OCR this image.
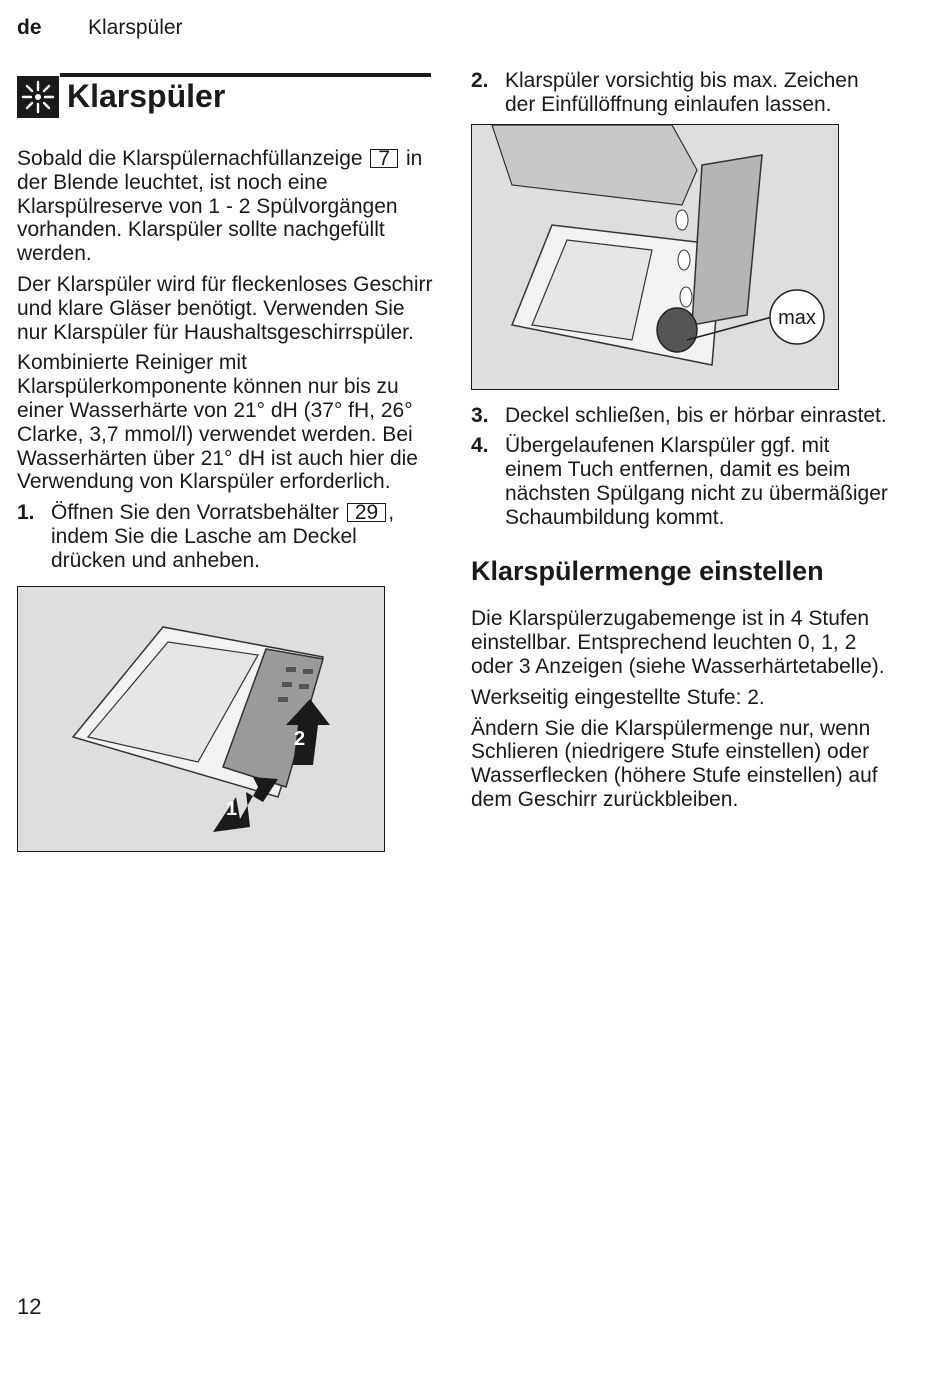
de Klarspüler
Klarspüler

Sobald die Klarspülernachfüllanzeige 7 in der Blende leuchtet, ist noch eine Klarspülreserve von 1 - 2 Spülvorgängen vorhanden. Klarspüler sollte nachgefüllt werden.

Der Klarspüler wird für fleckenloses Geschirr und klare Gläser benötigt. Verwenden Sie nur Klarspüler für Haushaltsgeschirrspüler.

Kombinierte Reiniger mit Klarspülerkomponente können nur bis zu einer Wasserhärte von 21° dH (37° fH, 26° Clarke, 3,7 mmol/l) verwendet werden. Bei Wasserhärten über 21° dH ist auch hier die Verwendung von Klarspüler erforderlich.

1. Öffnen Sie den Vorratsbehälter 29 , indem Sie die Lasche am Deckel drücken und anheben.
1
2
2. Klarspüler vorsichtig bis max. Zeichen der Einfüllöffnung einlaufen lassen.
max
3. Deckel schließen, bis er hörbar einrastet.
4. Übergelaufenen Klarspüler ggf. mit einem Tuch entfernen, damit es beim nächsten Spülgang nicht zu übermäßiger Schaumbildung kommt.
Klarspülermenge einstellen

Die Klarspülerzugabemenge ist in 4 Stufen einstellbar. Entsprechend leuchten 0, 1, 2 oder 3 Anzeigen (siehe Wasserhärtetabelle).

Werkseitig eingestellte Stufe: 2.

Ändern Sie die Klarspülermenge nur, wenn Schlieren (niedrigere Stufe einstellen) oder Wasserflecken (höhere Stufe einstellen) auf dem Geschirr zurückbleiben.

12
